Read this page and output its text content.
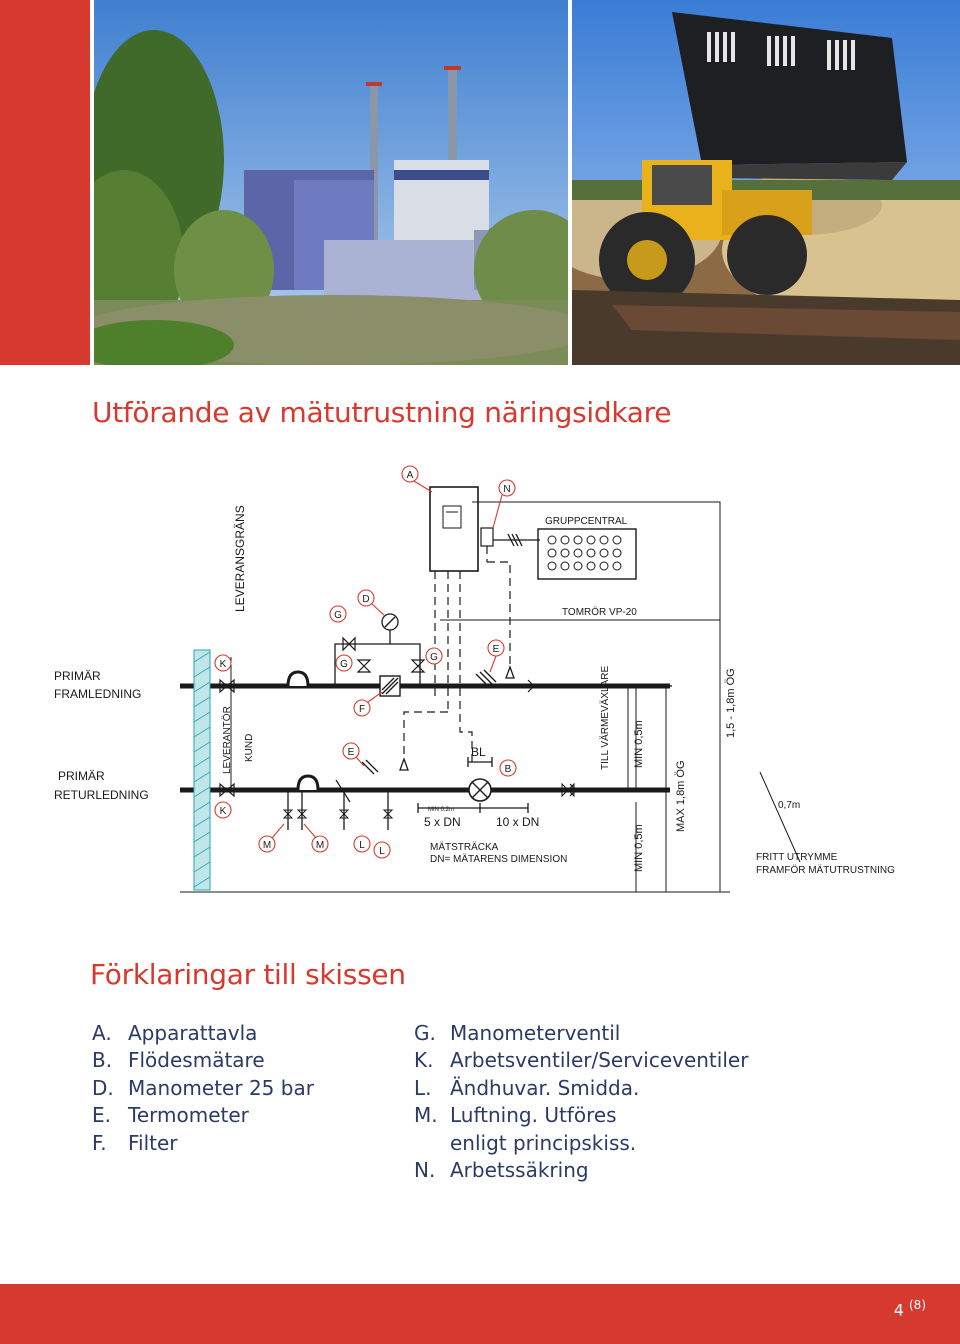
Utförande av mätutrustning näringsidkare
LEVERANSGRÄNS	GRUPPCENTRAL
TOMRÖR VP-20
PRIMÄR
FRAMLEDNING
PRIMÄR
RETURLEDNING
LEVERANTÖR KUND	BL
MIN 0,2m
5 x DN	10 x DN
MÄTSTRÄCKA
DN= MÄTARENS DIMENSION
TILL VÄRMEVÄXLARE MIN 0,5m
MIN 0,5m
MAX 1,8m ÖG
1,5 - 1,8m ÖG
0,7m
FRITT UTRYMME
FRAMFÖR MÄTUTRUSTNING
A
N
G
D
G
G
E
K
F
E
B
K
M	M	L
L
Förklaringar till skissen
A. Apparattavla
B. Flödesmätare
D. Manometer 25 bar
E. Termometer
F.	Filter
G. Manometerventil
K. Arbetsventiler/Serviceventiler
L. Ändhuvar. Smidda.
M. Luftning. Utföres enligt principskiss.
N. Arbetssäkring
4 $^{(8)}$
